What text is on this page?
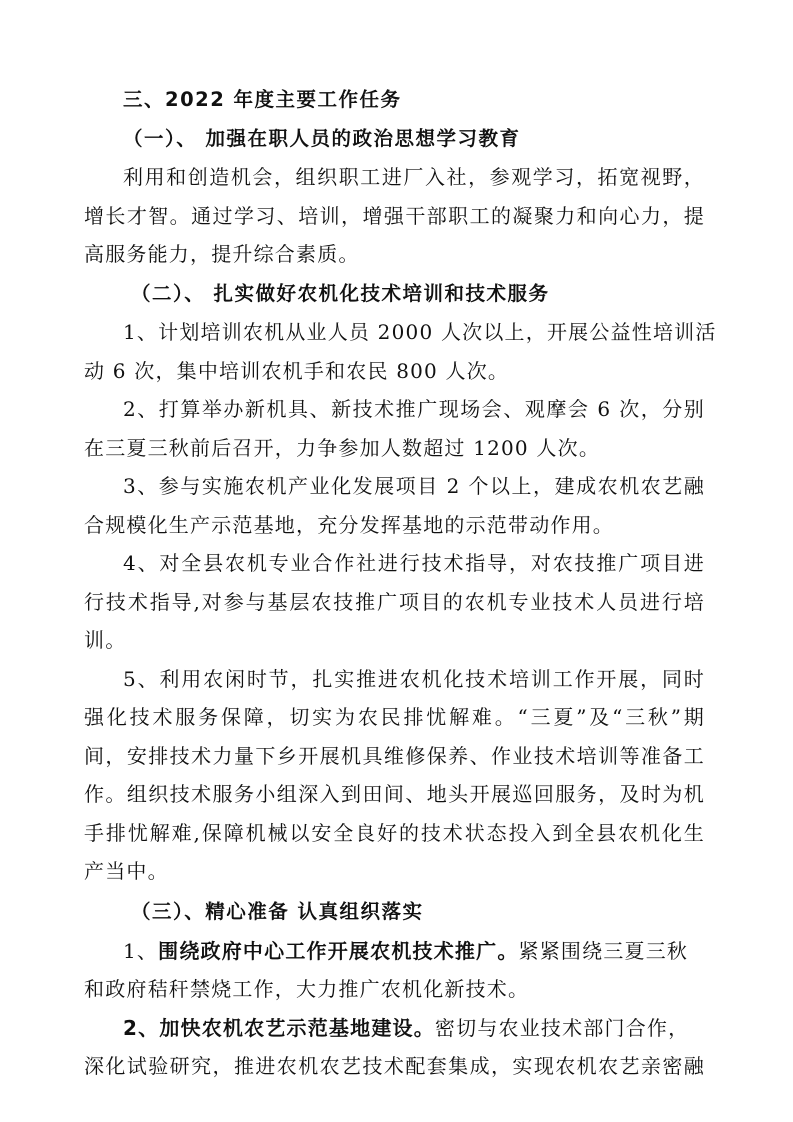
三、2022 年度主要工作任务
（一）、 加强在职人员的政治思想学习教育
利用和创造机会，组织职工进厂入社，参观学习，拓宽视野，
增长才智。通过学习、培训，增强干部职工的凝聚力和向心力，提
高服务能力，提升综合素质。
（二）、 扎实做好农机化技术培训和技术服务
1、计划培训农机从业人员 2000 人次以上，开展公益性培训活
动 6 次，集中培训农机手和农民 800 人次。
2、打算举办新机具、新技术推广现场会、观摩会 6 次，分别
在三夏三秋前后召开，力争参加人数超过 1200 人次。
3、参与实施农机产业化发展项目 2 个以上，建成农机农艺融
合规模化生产示范基地，充分发挥基地的示范带动作用。
4、对全县农机专业合作社进行技术指导，对农技推广项目进
行技术指导,对参与基层农技推广项目的农机专业技术人员进行培
训。
5、利用农闲时节，扎实推进农机化技术培训工作开展，同时
强化技术服务保障，切实为农民排忧解难。“三夏”及“三秋”期
间，安排技术力量下乡开展机具维修保养、作业技术培训等准备工
作。组织技术服务小组深入到田间、地头开展巡回服务，及时为机
手排忧解难,保障机械以安全良好的技术状态投入到全县农机化生
产当中。
（三）、精心准备 认真组织落实
1、围绕政府中心工作开展农机技术推广。紧紧围绕三夏三秋
和政府秸秆禁烧工作，大力推广农机化新技术。
2、加快农机农艺示范基地建设。密切与农业技术部门合作，
深化试验研究，推进农机农艺技术配套集成，实现农机农艺亲密融
